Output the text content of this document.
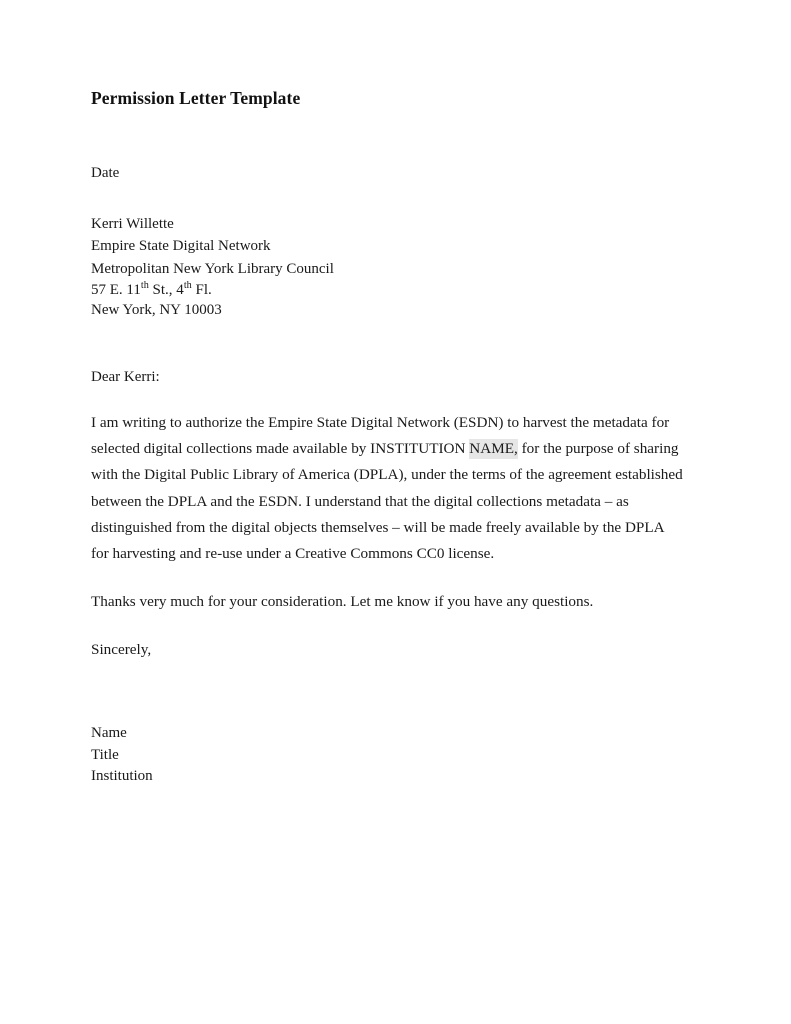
Permission Letter Template
Date
Kerri Willette
Empire State Digital Network
Metropolitan New York Library Council
57 E. 11th St., 4th Fl.
New York, NY 10003
Dear Kerri:

I am writing to authorize the Empire State Digital Network (ESDN) to harvest the metadata for selected digital collections made available by INSTITUTION NAME, for the purpose of sharing with the Digital Public Library of America (DPLA), under the terms of the agreement established between the DPLA and the ESDN. I understand that the digital collections metadata – as distinguished from the digital objects themselves – will be made freely available by the DPLA for harvesting and re-use under a Creative Commons CC0 license.

Thanks very much for your consideration. Let me know if you have any questions.
Sincerely,
Name
Title
Institution
